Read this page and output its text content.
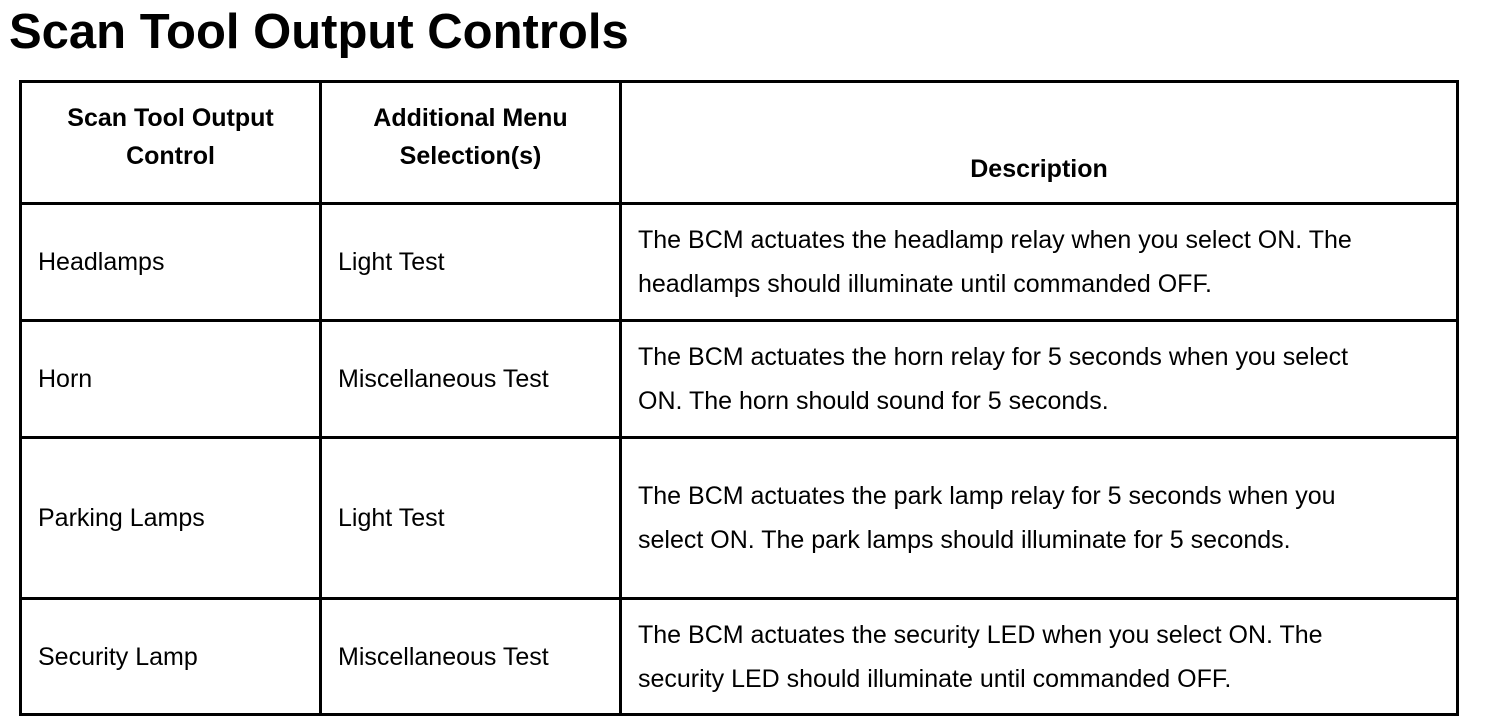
Scan Tool Output Controls
Scan Tool Output Control	Additional Menu Selection(s)	Description
Headlamps	Light Test	The BCM actuates the headlamp relay when you select ON. The headlamps should illuminate until commanded OFF.
Horn	Miscellaneous Test	The BCM actuates the horn relay for 5 seconds when you select ON. The horn should sound for 5 seconds.
Parking Lamps	Light Test	The BCM actuates the park lamp relay for 5 seconds when you select ON. The park lamps should illuminate for 5 seconds.
Security Lamp	Miscellaneous Test	The BCM actuates the security LED when you select ON. The security LED should illuminate until commanded OFF.
